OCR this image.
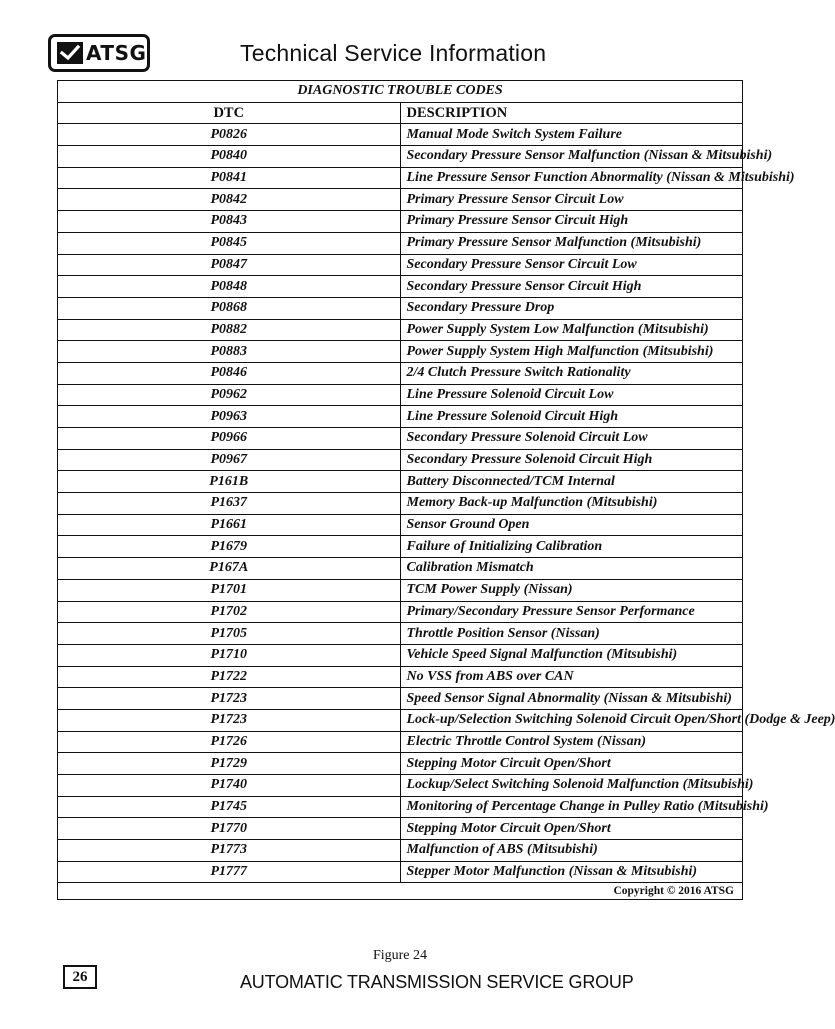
ATSG	Technical Service Information
DIAGNOSTIC TROUBLE CODES	
DTC	DESCRIPTION
P0826	Manual Mode Switch System Failure
P0840	Secondary Pressure Sensor Malfunction (Nissan & Mitsubishi)
P0841	Line Pressure Sensor Function Abnormality (Nissan & Mitsubishi)
P0842	Primary Pressure Sensor Circuit Low
P0843	Primary Pressure Sensor Circuit High
P0845	Primary Pressure Sensor Malfunction (Mitsubishi)
P0847	Secondary Pressure Sensor Circuit Low
P0848	Secondary Pressure Sensor Circuit High
P0868	Secondary Pressure Drop
P0882	Power Supply System Low Malfunction (Mitsubishi)
P0883	Power Supply System High Malfunction (Mitsubishi)
P0846	2/4 Clutch Pressure Switch Rationality
P0962	Line Pressure Solenoid Circuit Low
P0963	Line Pressure Solenoid Circuit High
P0966	Secondary Pressure Solenoid Circuit Low
P0967	Secondary Pressure Solenoid Circuit High
P161B	Battery Disconnected/TCM Internal
P1637	Memory Back-up Malfunction (Mitsubishi)
P1661	Sensor Ground Open
P1679	Failure of Initializing Calibration
P167A	Calibration Mismatch
P1701	TCM Power Supply (Nissan)
P1702	Primary/Secondary Pressure Sensor Performance
P1705	Throttle Position Sensor (Nissan)
P1710	Vehicle Speed Signal Malfunction (Mitsubishi)
P1722	No VSS from ABS over CAN
P1723	Speed Sensor Signal Abnormality (Nissan & Mitsubishi)
P1723	Lock-up/Selection Switching Solenoid Circuit Open/Short (Dodge & Jeep)
P1726	Electric Throttle Control System (Nissan)
P1729	Stepping Motor Circuit Open/Short
P1740	Lockup/Select Switching Solenoid Malfunction (Mitsubishi)
P1745	Monitoring of Percentage Change in Pulley Ratio (Mitsubishi)
P1770	Stepping Motor Circuit Open/Short
P1773	Malfunction of ABS (Mitsubishi)
P1777	Stepper Motor Malfunction (Nissan & Mitsubishi)
Copyright © 2016 ATSG	
Figure 24
26	AUTOMATIC TRANSMISSION SERVICE GROUP
